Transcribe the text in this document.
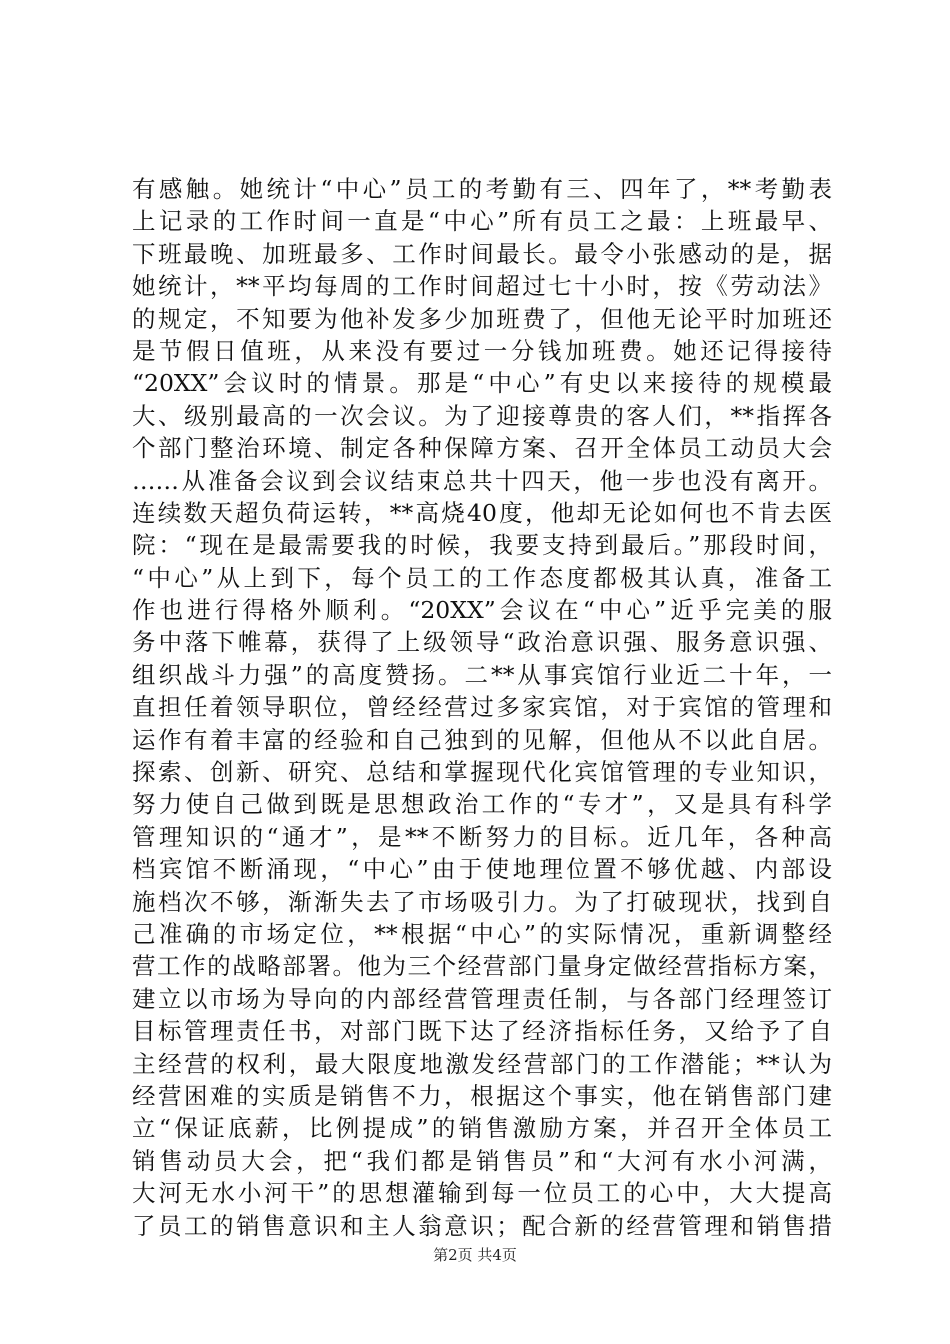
有感触。她统计“中心”员工的考勤有三、四年了，**考勤表
上记录的工作时间一直是“中心”所有员工之最：上班最早、
下班最晚、加班最多、工作时间最长。最令小张感动的是，据
她统计，**平均每周的工作时间超过七十小时，按《劳动法》
的规定，不知要为他补发多少加班费了，但他无论平时加班还
是节假日值班，从来没有要过一分钱加班费。她还记得接待
“20XX”会议时的情景。那是“中心”有史以来接待的规模最
大、级别最高的一次会议。为了迎接尊贵的客人们，**指挥各
个部门整治环境、制定各种保障方案、召开全体员工动员大会
……从准备会议到会议结束总共十四天，他一步也没有离开。
连续数天超负荷运转，**高烧40度，他却无论如何也不肯去医
院：“现在是最需要我的时候，我要支持到最后。”那段时间，
“中心”从上到下，每个员工的工作态度都极其认真，准备工
作也进行得格外顺利。“20XX”会议在“中心”近乎完美的服
务中落下帷幕，获得了上级领导“政治意识强、服务意识强、
组织战斗力强”的高度赞扬。二**从事宾馆行业近二十年，一
直担任着领导职位，曾经经营过多家宾馆，对于宾馆的管理和
运作有着丰富的经验和自己独到的见解，但他从不以此自居。
探索、创新、研究、总结和掌握现代化宾馆管理的专业知识，
努力使自己做到既是思想政治工作的“专才”，又是具有科学
管理知识的“通才”，是**不断努力的目标。近几年，各种高
档宾馆不断涌现，“中心”由于使地理位置不够优越、内部设
施档次不够，渐渐失去了市场吸引力。为了打破现状，找到自
己准确的市场定位，**根据“中心”的实际情况，重新调整经
营工作的战略部署。他为三个经营部门量身定做经营指标方案，
建立以市场为导向的内部经营管理责任制，与各部门经理签订
目标管理责任书，对部门既下达了经济指标任务，又给予了自
主经营的权利，最大限度地激发经营部门的工作潜能；**认为
经营困难的实质是销售不力，根据这个事实，他在销售部门建
立“保证底薪，比例提成”的销售激励方案，并召开全体员工
销售动员大会，把“我们都是销售员”和“大河有水小河满，
大河无水小河干”的思想灌输到每一位员工的心中，大大提高
了员工的销售意识和主人翁意识；配合新的经营管理和销售措
第2页 共4页
